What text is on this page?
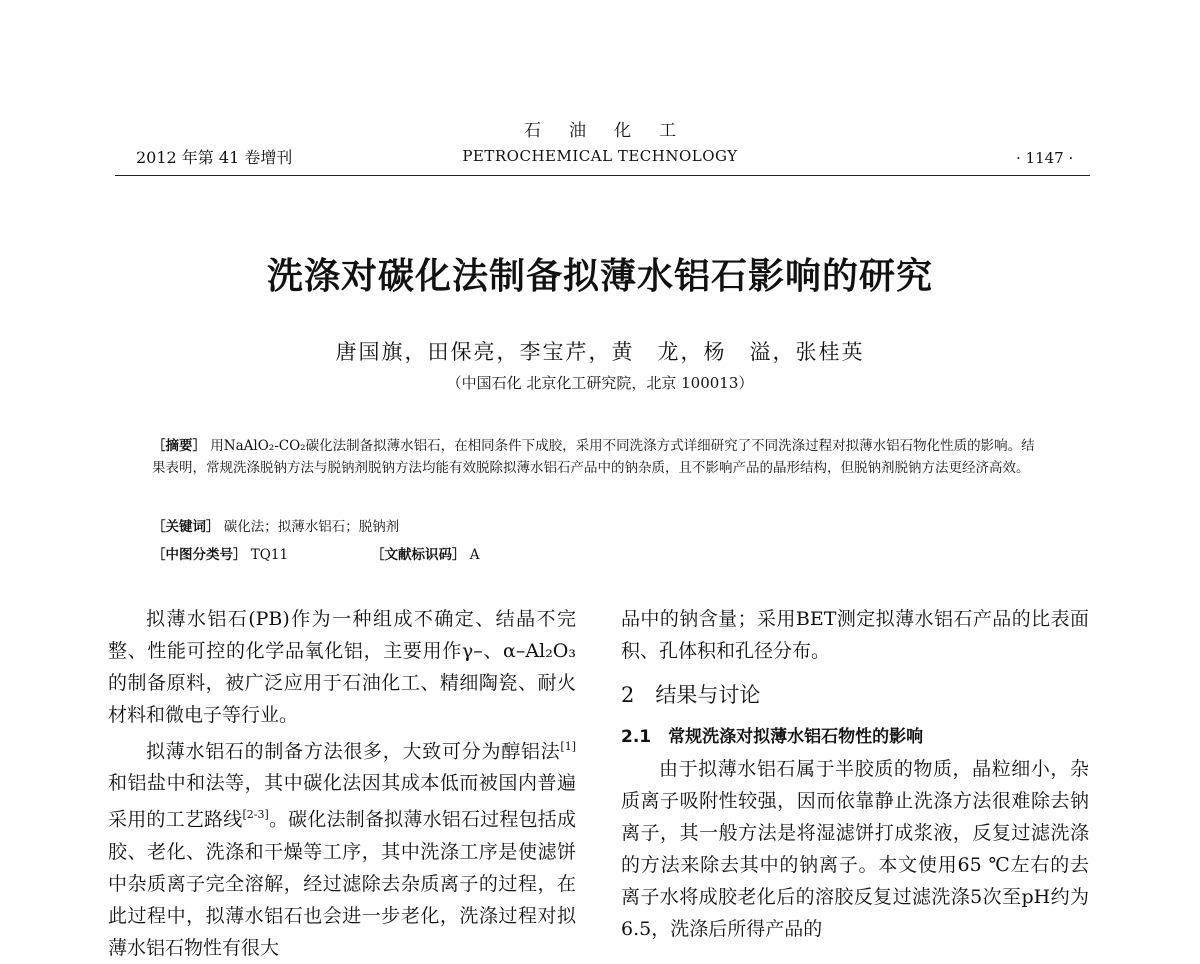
石油化工
2012 年第 41 卷增刊	PETROCHEMICAL TECHNOLOGY	· 1147 ·
洗涤对碳化法制备拟薄水铝石影响的研究
唐国旗，田保亮，李宝芹，黄　龙，杨　溢，张桂英
（中国石化 北京化工研究院，北京 100013）
［摘要］ 用NaAlO₂-CO₂碳化法制备拟薄水铝石，在相同条件下成胶，采用不同洗涤方式详细研究了不同洗涤过程对拟薄水铝石物化性质的影响。结果表明，常规洗涤脱钠方法与脱钠剂脱钠方法均能有效脱除拟薄水铝石产品中的钠杂质，且不影响产品的晶形结构，但脱钠剂脱钠方法更经济高效。
［关键词］ 碳化法；拟薄水铝石；脱钠剂
［中图分类号］ TQ11	［文献标识码］ A

拟薄水铝石(PB)作为一种组成不确定、结晶不完整、性能可控的化学品氧化铝，主要用作γ–、α–Al₂O₃的制备原料，被广泛应用于石油化工、精细陶瓷、耐火材料和微电子等行业。

拟薄水铝石的制备方法很多，大致可分为醇铝法[1]和铝盐中和法等，其中碳化法因其成本低而被国内普遍采用的工艺路线[2-3]。碳化法制备拟薄水铝石过程包括成胶、老化、洗涤和干燥等工序，其中洗涤工序是使滤饼中杂质离子完全溶解，经过滤除去杂质离子的过程，在此过程中，拟薄水铝石也会进一步老化，洗涤过程对拟薄水铝石物性有很大

品中的钠含量；采用BET测定拟薄水铝石产品的比表面积、孔体积和孔径分布。

2　结果与讨论

2.1　常规洗涤对拟薄水铝石物性的影响

由于拟薄水铝石属于半胶质的物质，晶粒细小，杂质离子吸附性较强，因而依靠静止洗涤方法很难除去钠离子，其一般方法是将湿滤饼打成浆液，反复过滤洗涤的方法来除去其中的钠离子。本文使用65 ℃左右的去离子水将成胶老化后的溶胶反复过滤洗涤5次至pH约为6.5，洗涤后所得产品的
